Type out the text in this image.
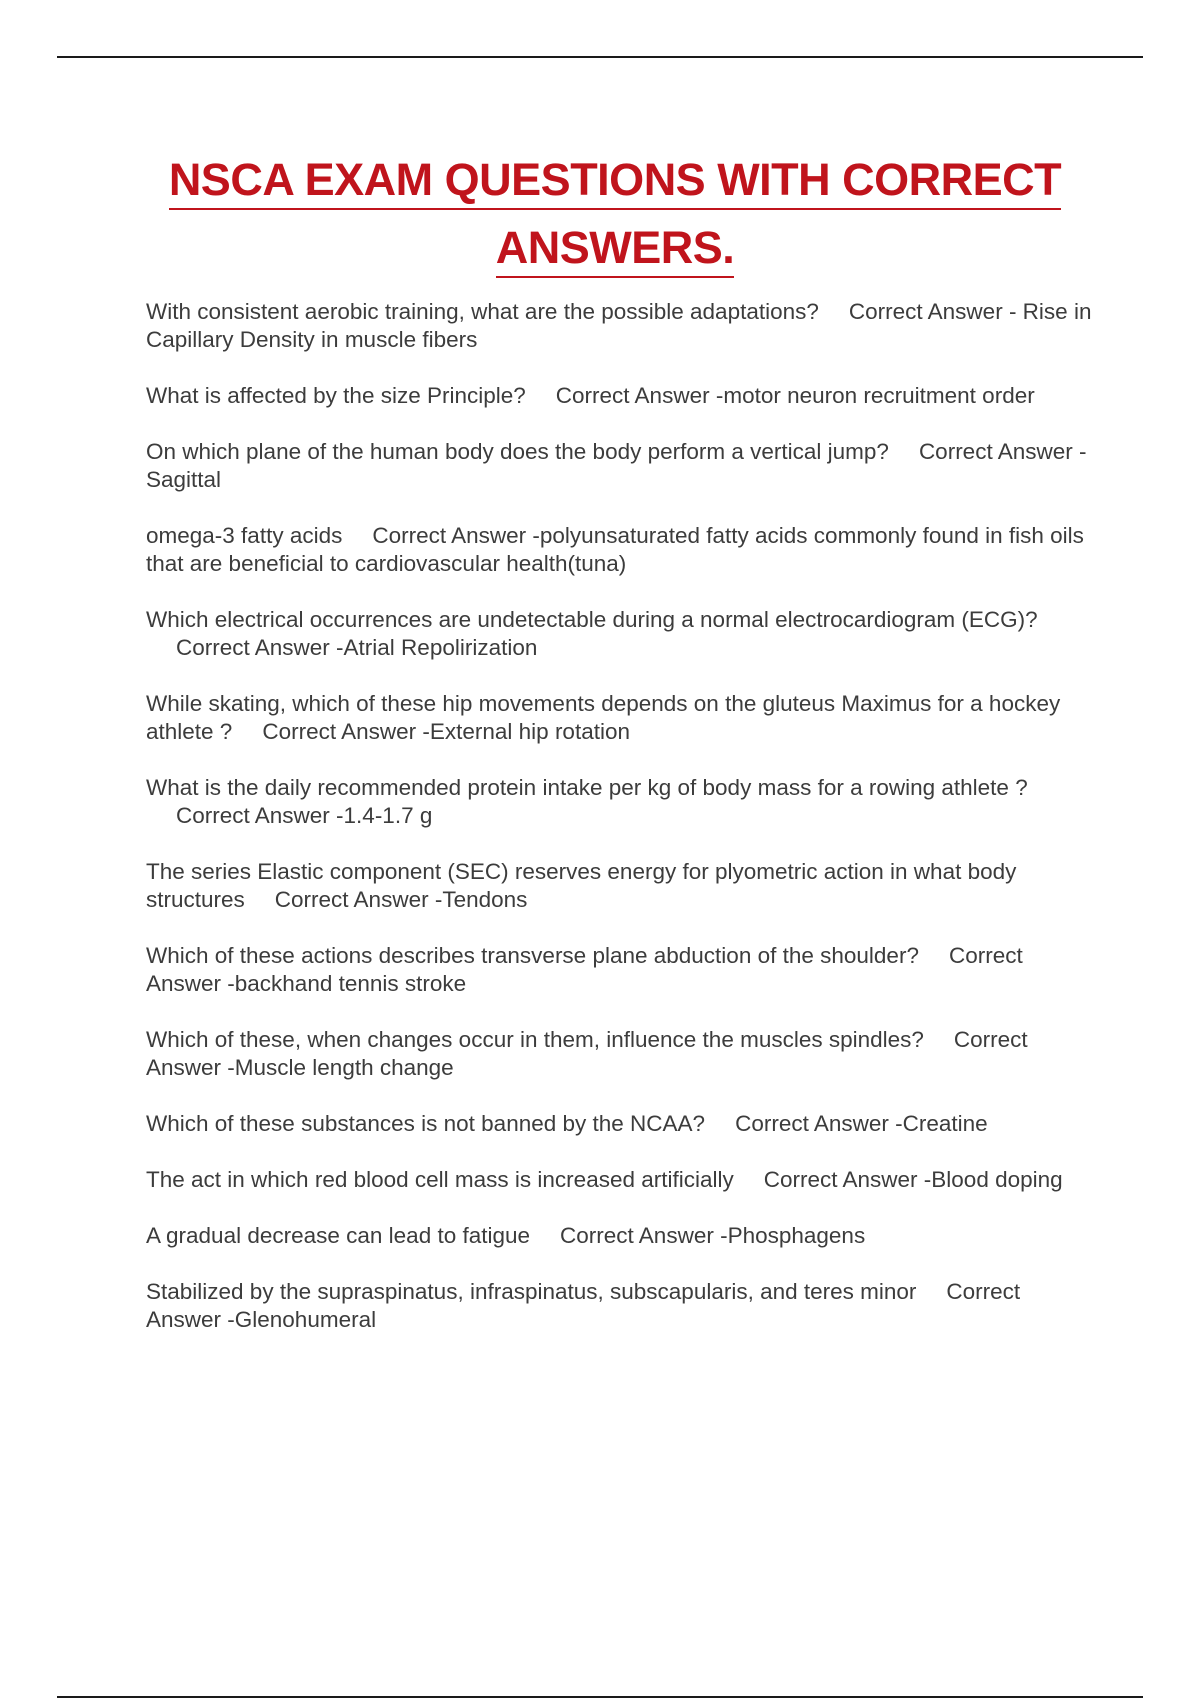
NSCA EXAM QUESTIONS WITH CORRECT
ANSWERS.
With consistent aerobic training, what are the possible adaptations? Correct Answer - Rise in Capillary Density in muscle fibers
What is affected by the size Principle? Correct Answer -motor neuron recruitment order
On which plane of the human body does the body perform a vertical jump? Correct Answer -Sagittal
omega-3 fatty acids Correct Answer -polyunsaturated fatty acids commonly found in fish oils that are beneficial to cardiovascular health(tuna)
Which electrical occurrences are undetectable during a normal electrocardiogram (ECG)?Correct Answer -Atrial Repolirization
While skating, which of these hip movements depends on the gluteus Maximus for a hockey athlete ? Correct Answer -External hip rotation
What is the daily recommended protein intake per kg of body mass for a rowing athlete ?Correct Answer -1.4-1.7 g
The series Elastic component (SEC) reserves energy for plyometric action in what body structures Correct Answer -Tendons
Which of these actions describes transverse plane abduction of the shoulder? Correct Answer -backhand tennis stroke
Which of these, when changes occur in them, influence the muscles spindles? Correct Answer -Muscle length change
Which of these substances is not banned by the NCAA? Correct Answer -Creatine
The act in which red blood cell mass is increased artificially Correct Answer -Blood doping
A gradual decrease can lead to fatigue Correct Answer -Phosphagens
Stabilized by the supraspinatus, infraspinatus, subscapularis, and teres minor Correct Answer -Glenohumeral
